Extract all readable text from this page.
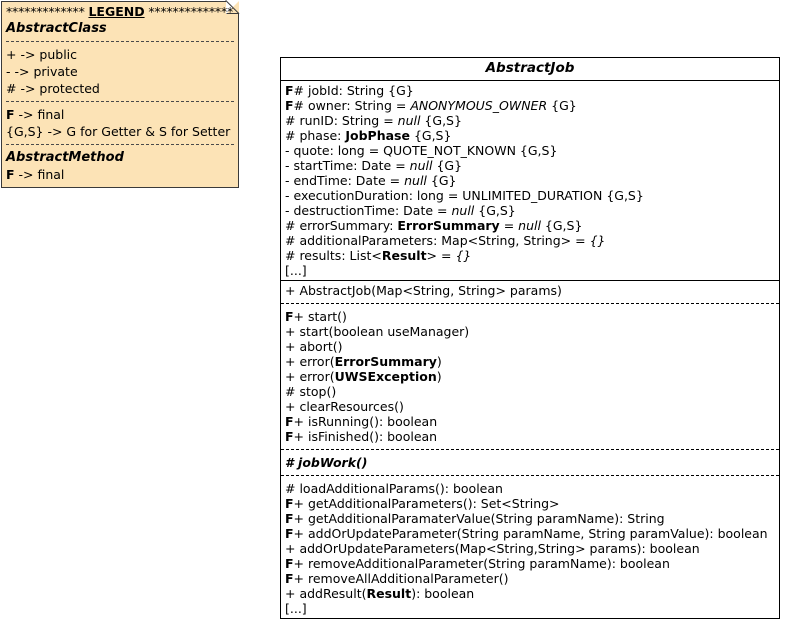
************* LEGEND **************
AbstractClass
+ -> public
- -> private
# -> protected
F -> final
{G,S} -> G for Getter & S for Setter
AbstractMethod
F -> final
AbstractJob
F# jobId: String {G}
F# owner: String = ANONYMOUS_OWNER {G}
# runID: String = null {G,S}
# phase: JobPhase {G,S}
- quote: long = QUOTE_NOT_KNOWN {G,S}
- startTime: Date = null {G}
- endTime: Date = null {G}
- executionDuration: long = UNLIMITED_DURATION {G,S}
- destructionTime: Date = null {G,S}
# errorSummary: ErrorSummary = null {G,S}
# additionalParameters: Map<String, String> = {}
# results: List<Result> = {}
[...]
+ AbstractJob(Map<String, String> params)
F+ start()
+ start(boolean useManager)
+ abort()
+ error(ErrorSummary)
+ error(UWSException)
# stop()
+ clearResources()
F+ isRunning(): boolean
F+ isFinished(): boolean
# jobWork()
# loadAdditionalParams(): boolean
F+ getAdditionalParameters(): Set<String>
F+ getAdditionalParamaterValue(String paramName): String
F+ addOrUpdateParameter(String paramName, String paramValue): boolean
+ addOrUpdateParameters(Map<String,String> params): boolean
F+ removeAdditionalParameter(String paramName): boolean
F+ removeAllAdditionalParameter()
+ addResult(Result): boolean
[...]
